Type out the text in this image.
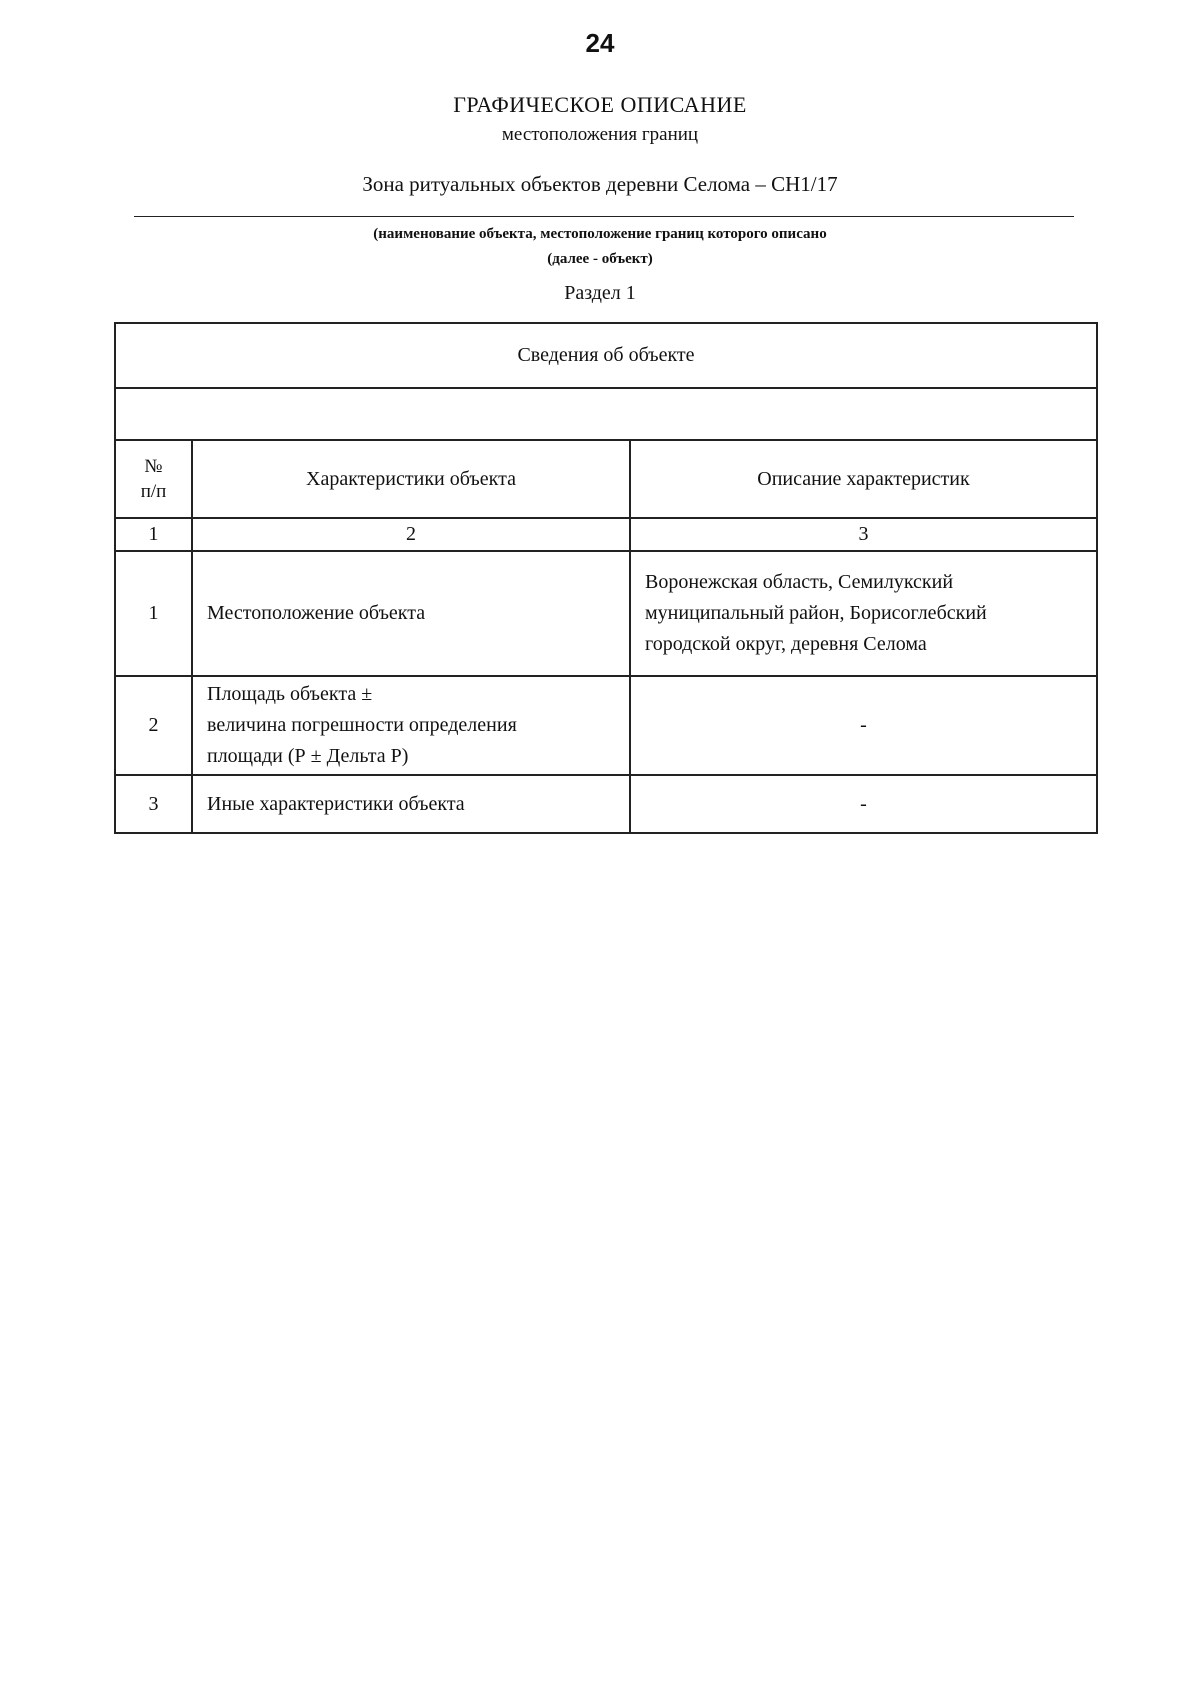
24
ГРАФИЧЕСКОЕ ОПИСАНИЕ
местоположения границ
Зона ритуальных объектов деревни Селома – СН1/17
(наименование объекта, местоположение границ которого описано
(далее - объект)
Раздел 1
Сведения об объекте		

№
п/п	Характеристики объекта	Описание характеристик
1	2	3
1	Местоположение объекта	Воронежская область, Семилукский
муниципальный район, Борисоглебский
городской округ, деревня Селома

2	Площадь объекта ±
величина погрешности определения
площади (Р ± Дельта Р)	-

3	Иные характеристики объекта	-
